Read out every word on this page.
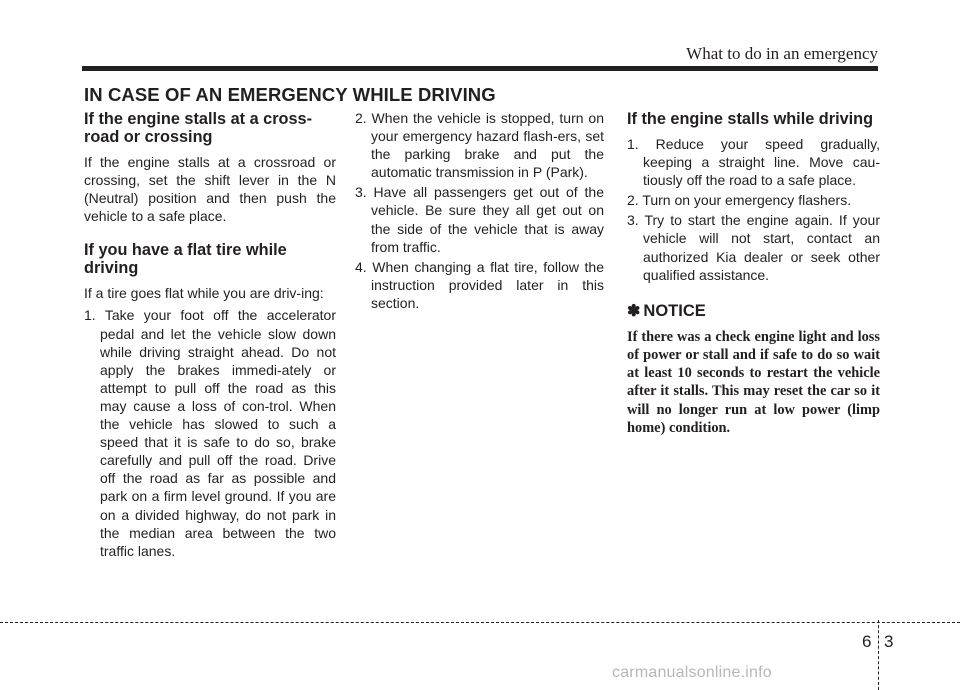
What to do in an emergency
IN CASE OF AN EMERGENCY WHILE DRIVING
If the engine stalls at a cross-
road or crossing

If the engine stalls at a crossroad or crossing, set the shift lever in the N (Neutral) position and then push the vehicle to a safe place.

If you have a flat tire while
driving

If a tire goes flat while you are driv-ing:

1. Take your foot off the accelerator pedal and let the vehicle slow down while driving straight ahead. Do not apply the brakes immedi-ately or attempt to pull off the road as this may cause a loss of con-trol. When the vehicle has slowed to such a speed that it is safe to do so, brake carefully and pull off the road. Drive off the road as far as possible and park on a firm level ground. If you are on a divided highway, do not park in the median area between the two traffic lanes.
2. When the vehicle is stopped, turn on your emergency hazard flash-ers, set the parking brake and put the automatic transmission in P (Park).
3. Have all passengers get out of the vehicle. Be sure they all get out on the side of the vehicle that is away from traffic.
4. When changing a flat tire, follow the instruction provided later in this section.
If the engine stalls while driving
1. Reduce your speed gradually, keeping a straight line. Move cau-tiously off the road to a safe place.
2. Turn on your emergency flashers.
3. Try to start the engine again. If your vehicle will not start, contact an authorized Kia dealer or seek other qualified assistance.
✽ NOTICE

If there was a check engine light and loss of power or stall and if safe to do so wait at least 10 seconds to restart the vehicle after it stalls. This may reset the car so it will no longer run at low power (limp home) condition.

6 3
carmanualsonline.info
